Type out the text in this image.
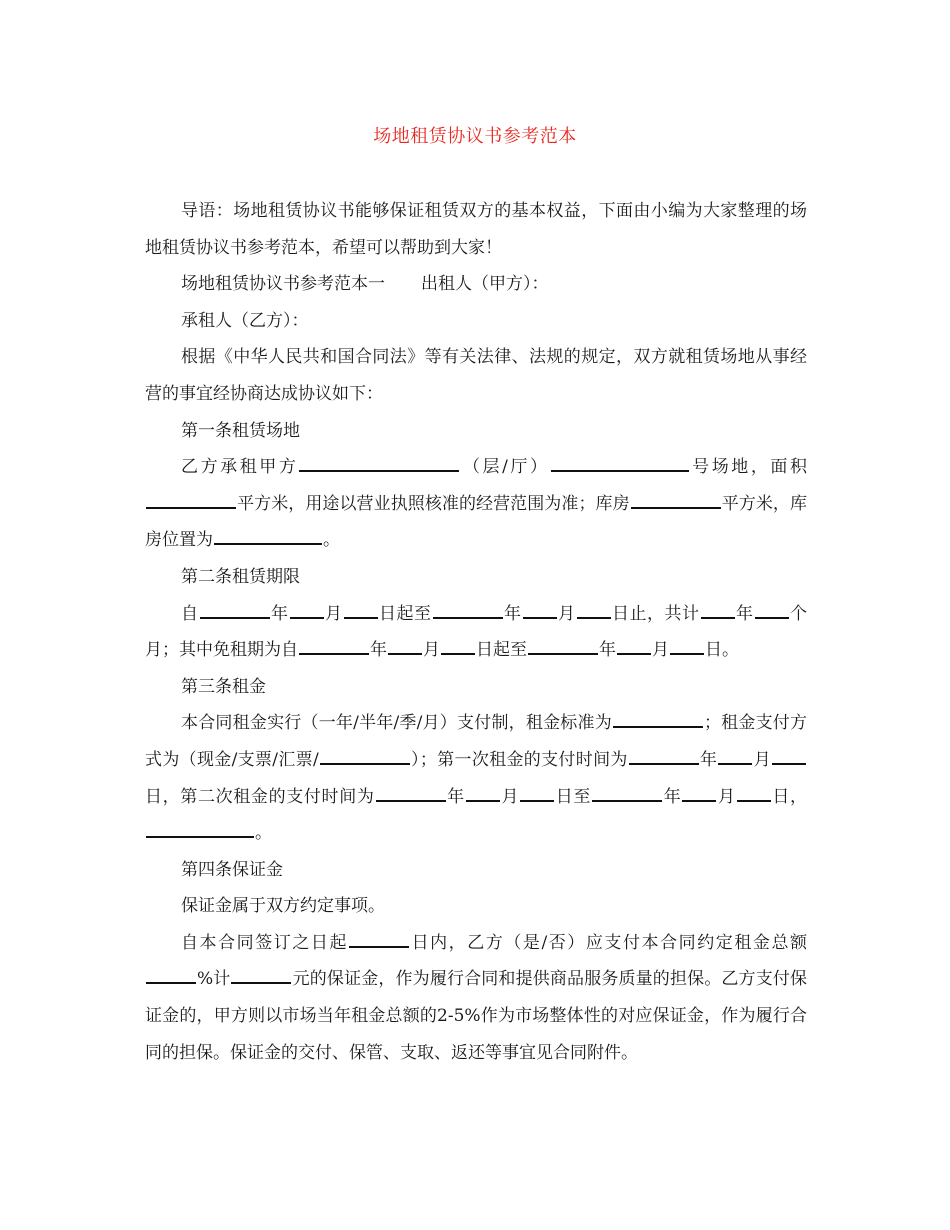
场地租赁协议书参考范本

导语：场地租赁协议书能够保证租赁双方的基本权益，下面由小编为大家整理的场地租赁协议书参考范本，希望可以帮助到大家！

场地租赁协议书参考范本一 出租人（甲方）：

承租人（乙方）：

根据《中华人民共和国合同法》等有关法律、法规的规定，双方就租赁场地从事经营的事宜经协商达成协议如下：

第一条租赁场地

乙方承租甲方	（层/厅）	号场地，面积平方米，用途以营业执照核准的经营范围为准；库房	平方米，库房位置为	。

第二条租赁期限

自	年 月 日起至	年 月 日止，共计 年 个月；其中免租期为自	年 月 日起至	年 月 日。

第三条租金

本合同租金实行（一年/半年/季/月）支付制，租金标准为	；租金支付方式为（现金/支票/汇票/	）；第一次租金的支付时间为	年 月日，第二次租金的支付时间为	年 月 日至	年 月 日，。

第四条保证金

保证金属于双方约定事项。

自本合同签订之日起	日内，乙方（是/否）应支付本合同约定租金总额%计	元的保证金，作为履行合同和提供商品服务质量的担保。乙方支付保证金的，甲方则以市场当年租金总额的2-5%作为市场整体性的对应保证金，作为履行合同的担保。保证金的交付、保管、支取、返还等事宜见合同附件。
